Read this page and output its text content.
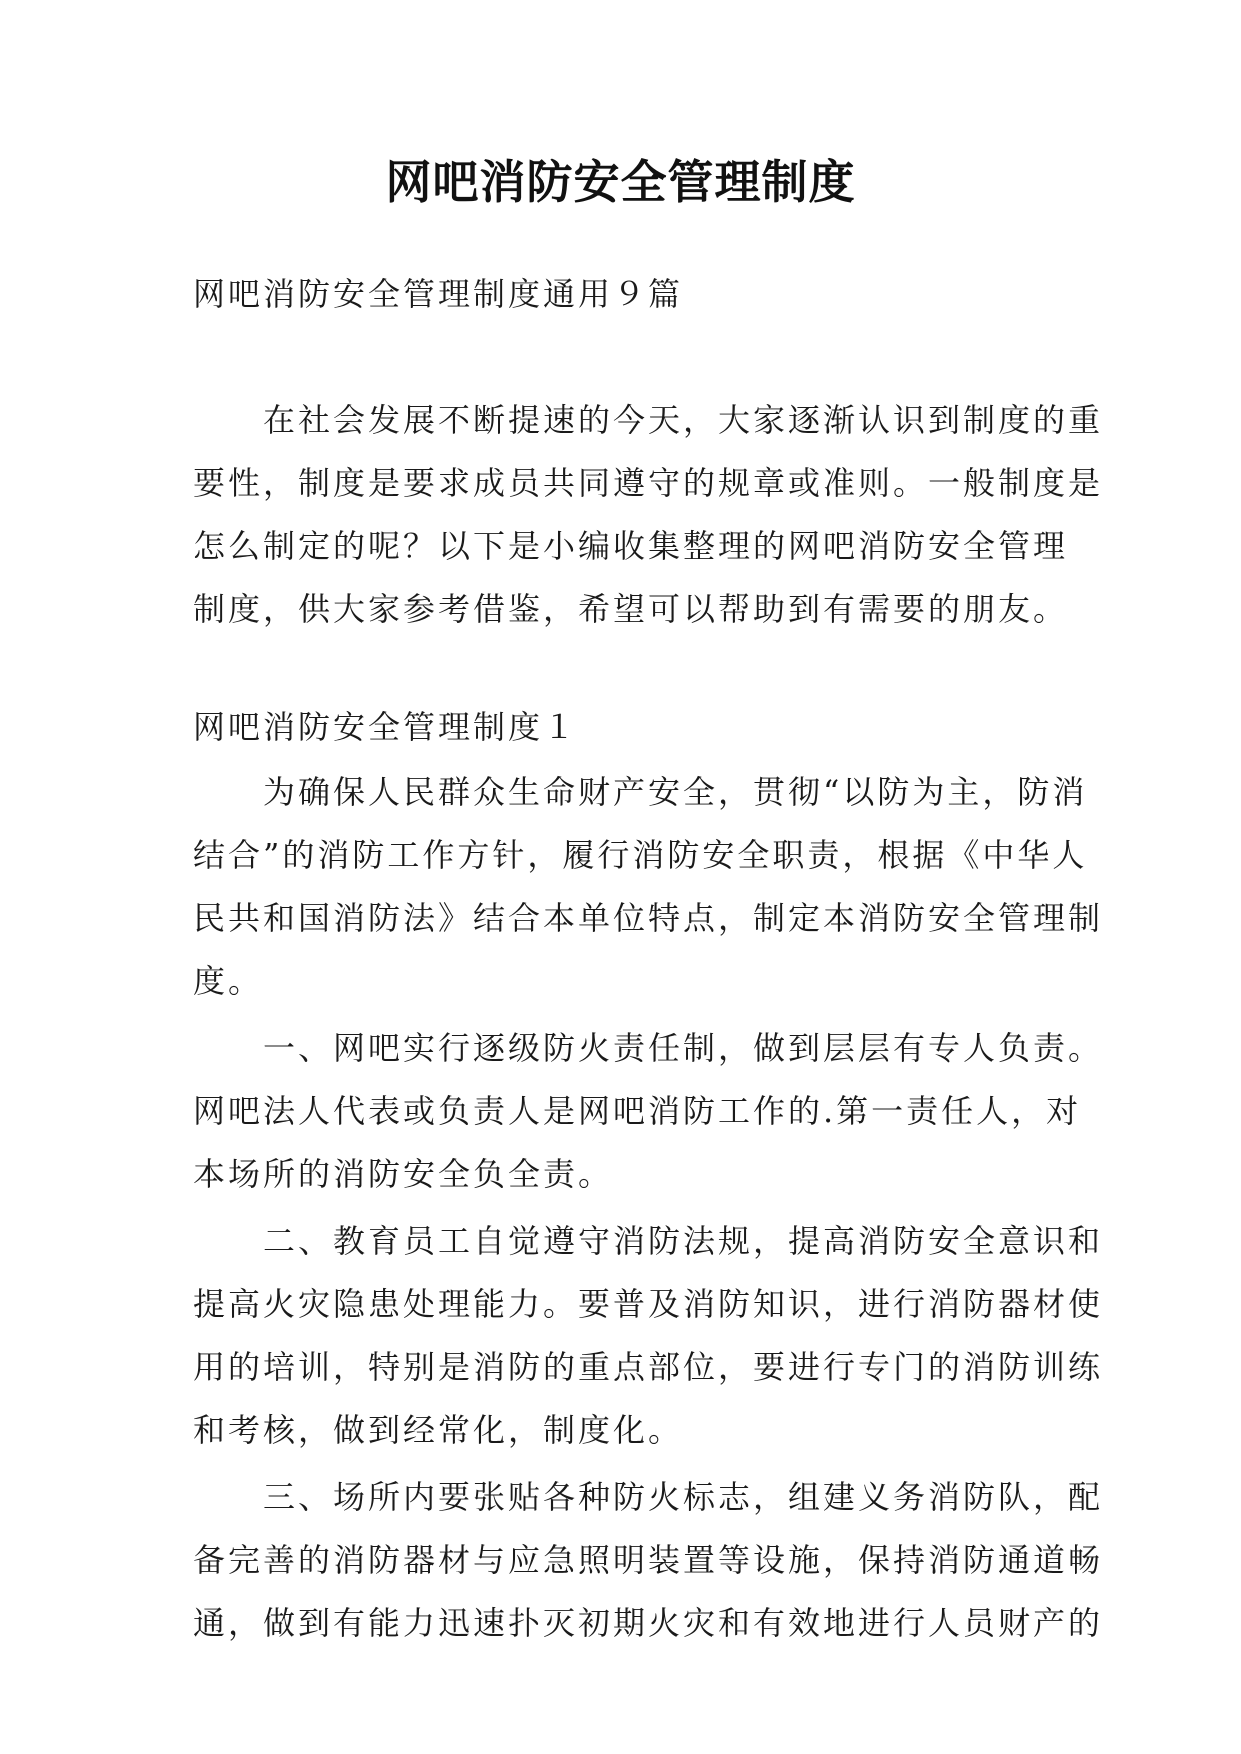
网吧消防安全管理制度
网吧消防安全管理制度通用９篇
　　在社会发展不断提速的今天，大家逐渐认识到制度的重
要性，制度是要求成员共同遵守的规章或准则。一般制度是
怎么制定的呢？以下是小编收集整理的网吧消防安全管理
制度，供大家参考借鉴，希望可以帮助到有需要的朋友。
网吧消防安全管理制度１
　　为确保人民群众生命财产安全，贯彻“以防为主，防消
结合”的消防工作方针，履行消防安全职责，根据《中华人
民共和国消防法》结合本单位特点，制定本消防安全管理制
度。
　　一、网吧实行逐级防火责任制，做到层层有专人负责。
网吧法人代表或负责人是网吧消防工作的.第一责任人，对
本场所的消防安全负全责。
　　二、教育员工自觉遵守消防法规，提高消防安全意识和
提高火灾隐患处理能力。要普及消防知识，进行消防器材使
用的培训，特别是消防的重点部位，要进行专门的消防训练
和考核，做到经常化，制度化。
　　三、场所内要张贴各种防火标志，组建义务消防队，配
备完善的消防器材与应急照明装置等设施，保持消防通道畅
通，做到有能力迅速扑灭初期火灾和有效地进行人员财产的
